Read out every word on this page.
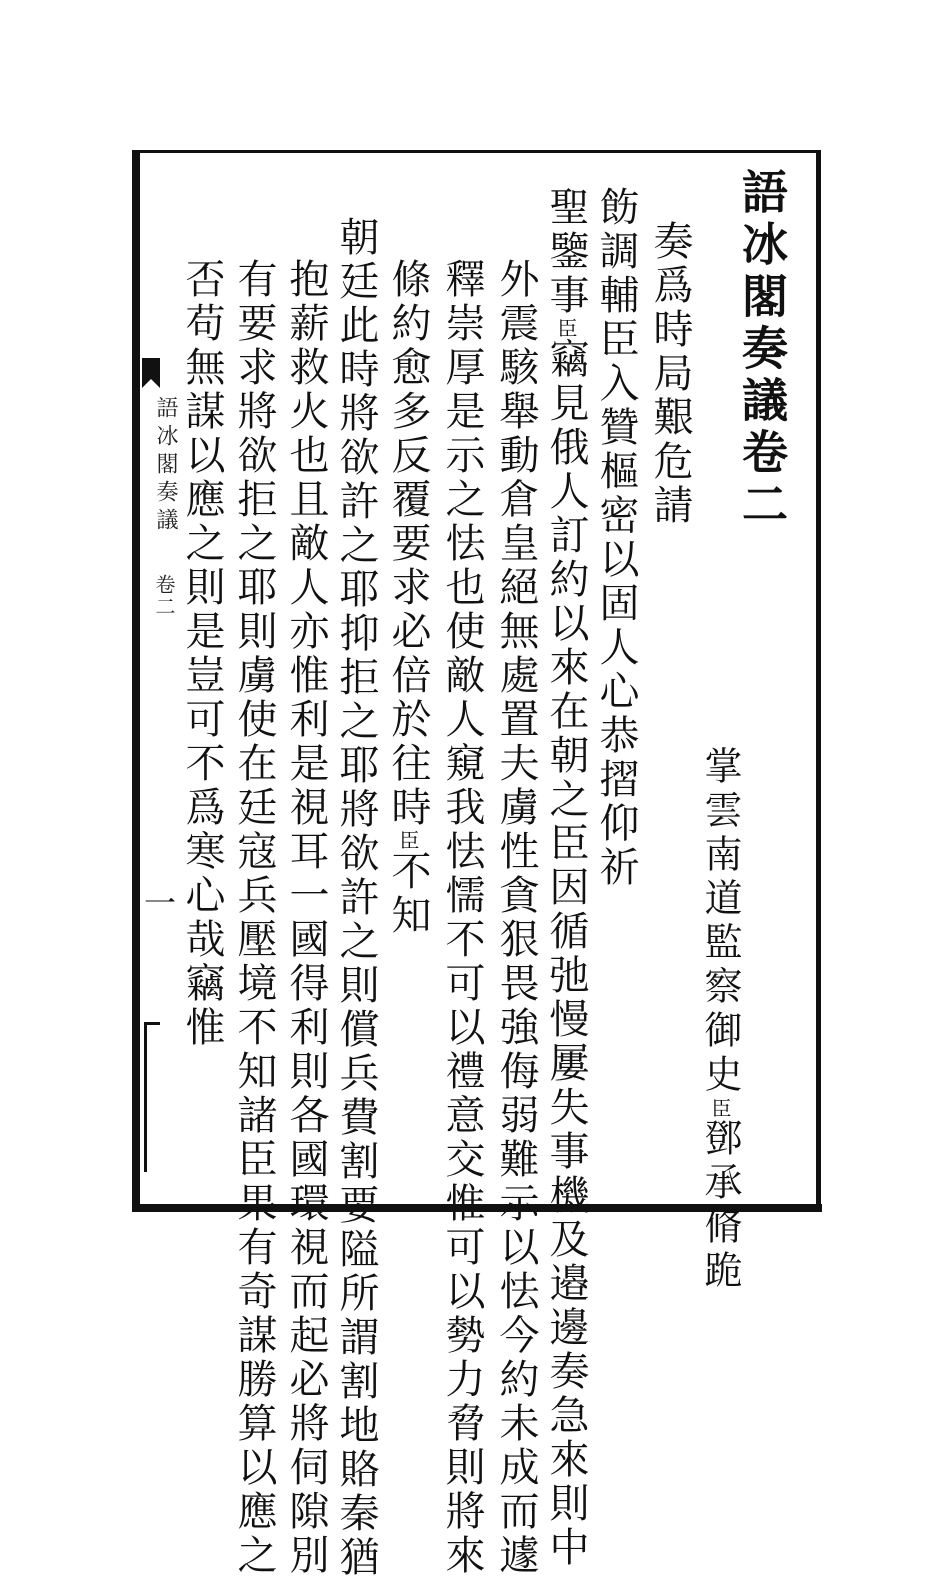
語冰閣奏議卷二
掌雲南道監察御史臣鄧承脩跪
奏爲時局艱危請
飭調輔臣入贊樞密以固人心恭摺仰祈
聖鑒事臣竊見俄人訂約以來在朝之臣因循弛慢屢失事機及邉邊奏急來則中
外震駭舉動倉皇絕無處置夫虜性貪狠畏強侮弱難示以怯今約未成而遽
釋崇厚是示之怯也使敵人窺我怯懦不可以禮意交惟可以勢力脅則將來
條約愈多反覆要求必倍於往時臣不知
朝廷此時將欲許之耶抑拒之耶將欲許之則償兵費割要隘所謂割地賂秦猶
抱薪救火也且敵人亦惟利是視耳一國得利則各國環視而起必將伺隙別
有要求將欲拒之耶則虜使在廷寇兵壓境不知諸臣果有奇謀勝算以應之
否苟無謀以應之則是豈可不爲寒心哉竊惟
語冰閣奏議
卷二
一
